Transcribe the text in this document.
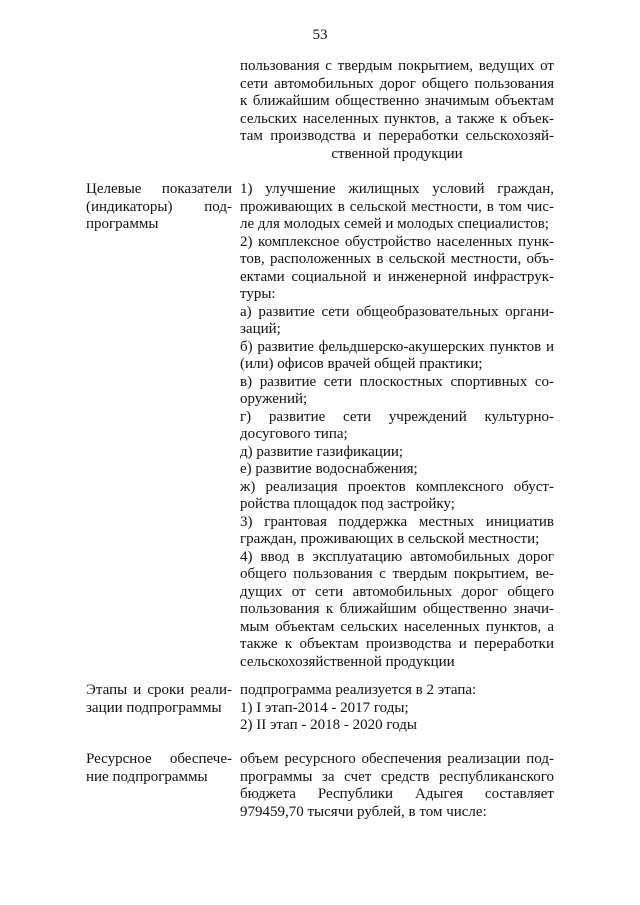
53
пользования с твердым покрытием, ведущих от
сети автомобильных дорог общего пользования
к ближайшим общественно значимым объектам
сельских населенных пунктов, а также к объек-
там производства и переработки сельскохозяй-
ственной продукции
Целевые показатели
(индикаторы) под-
программы
1) улучшение жилищных условий граждан,
проживающих в сельской местности, в том чис-
ле для молодых семей и молодых специалистов;
2) комплексное обустройство населенных пунк-
тов, расположенных в сельской местности, объ-
ектами социальной и инженерной инфраструк-
туры:
а) развитие сети общеобразовательных органи-
заций;
б) развитие фельдшерско-акушерских пунктов и
(или) офисов врачей общей практики;
в) развитие сети плоскостных спортивных со-
оружений;
г) развитие сети учреждений культурно-
досугового типа;
д) развитие газификации;
е) развитие водоснабжения;
ж) реализация проектов комплексного обуст-
ройства площадок под застройку;
3) грантовая поддержка местных инициатив
граждан, проживающих в сельской местности;
4) ввод в эксплуатацию автомобильных дорог
общего пользования с твердым покрытием, ве-
дущих от сети автомобильных дорог общего
пользования к ближайшим общественно значи-
мым объектам сельских населенных пунктов, а
также к объектам производства и переработки
сельскохозяйственной продукции
Этапы и сроки реали-
зации подпрограммы
подпрограмма реализуется в 2 этапа:
1) I этап-2014 - 2017 годы;
2) II этап - 2018 - 2020 годы
Ресурсное обеспече-
ние подпрограммы
объем ресурсного обеспечения реализации под-
программы за счет средств республиканского
бюджета Республики Адыгея составляет
979459,70 тысячи рублей, в том числе:
